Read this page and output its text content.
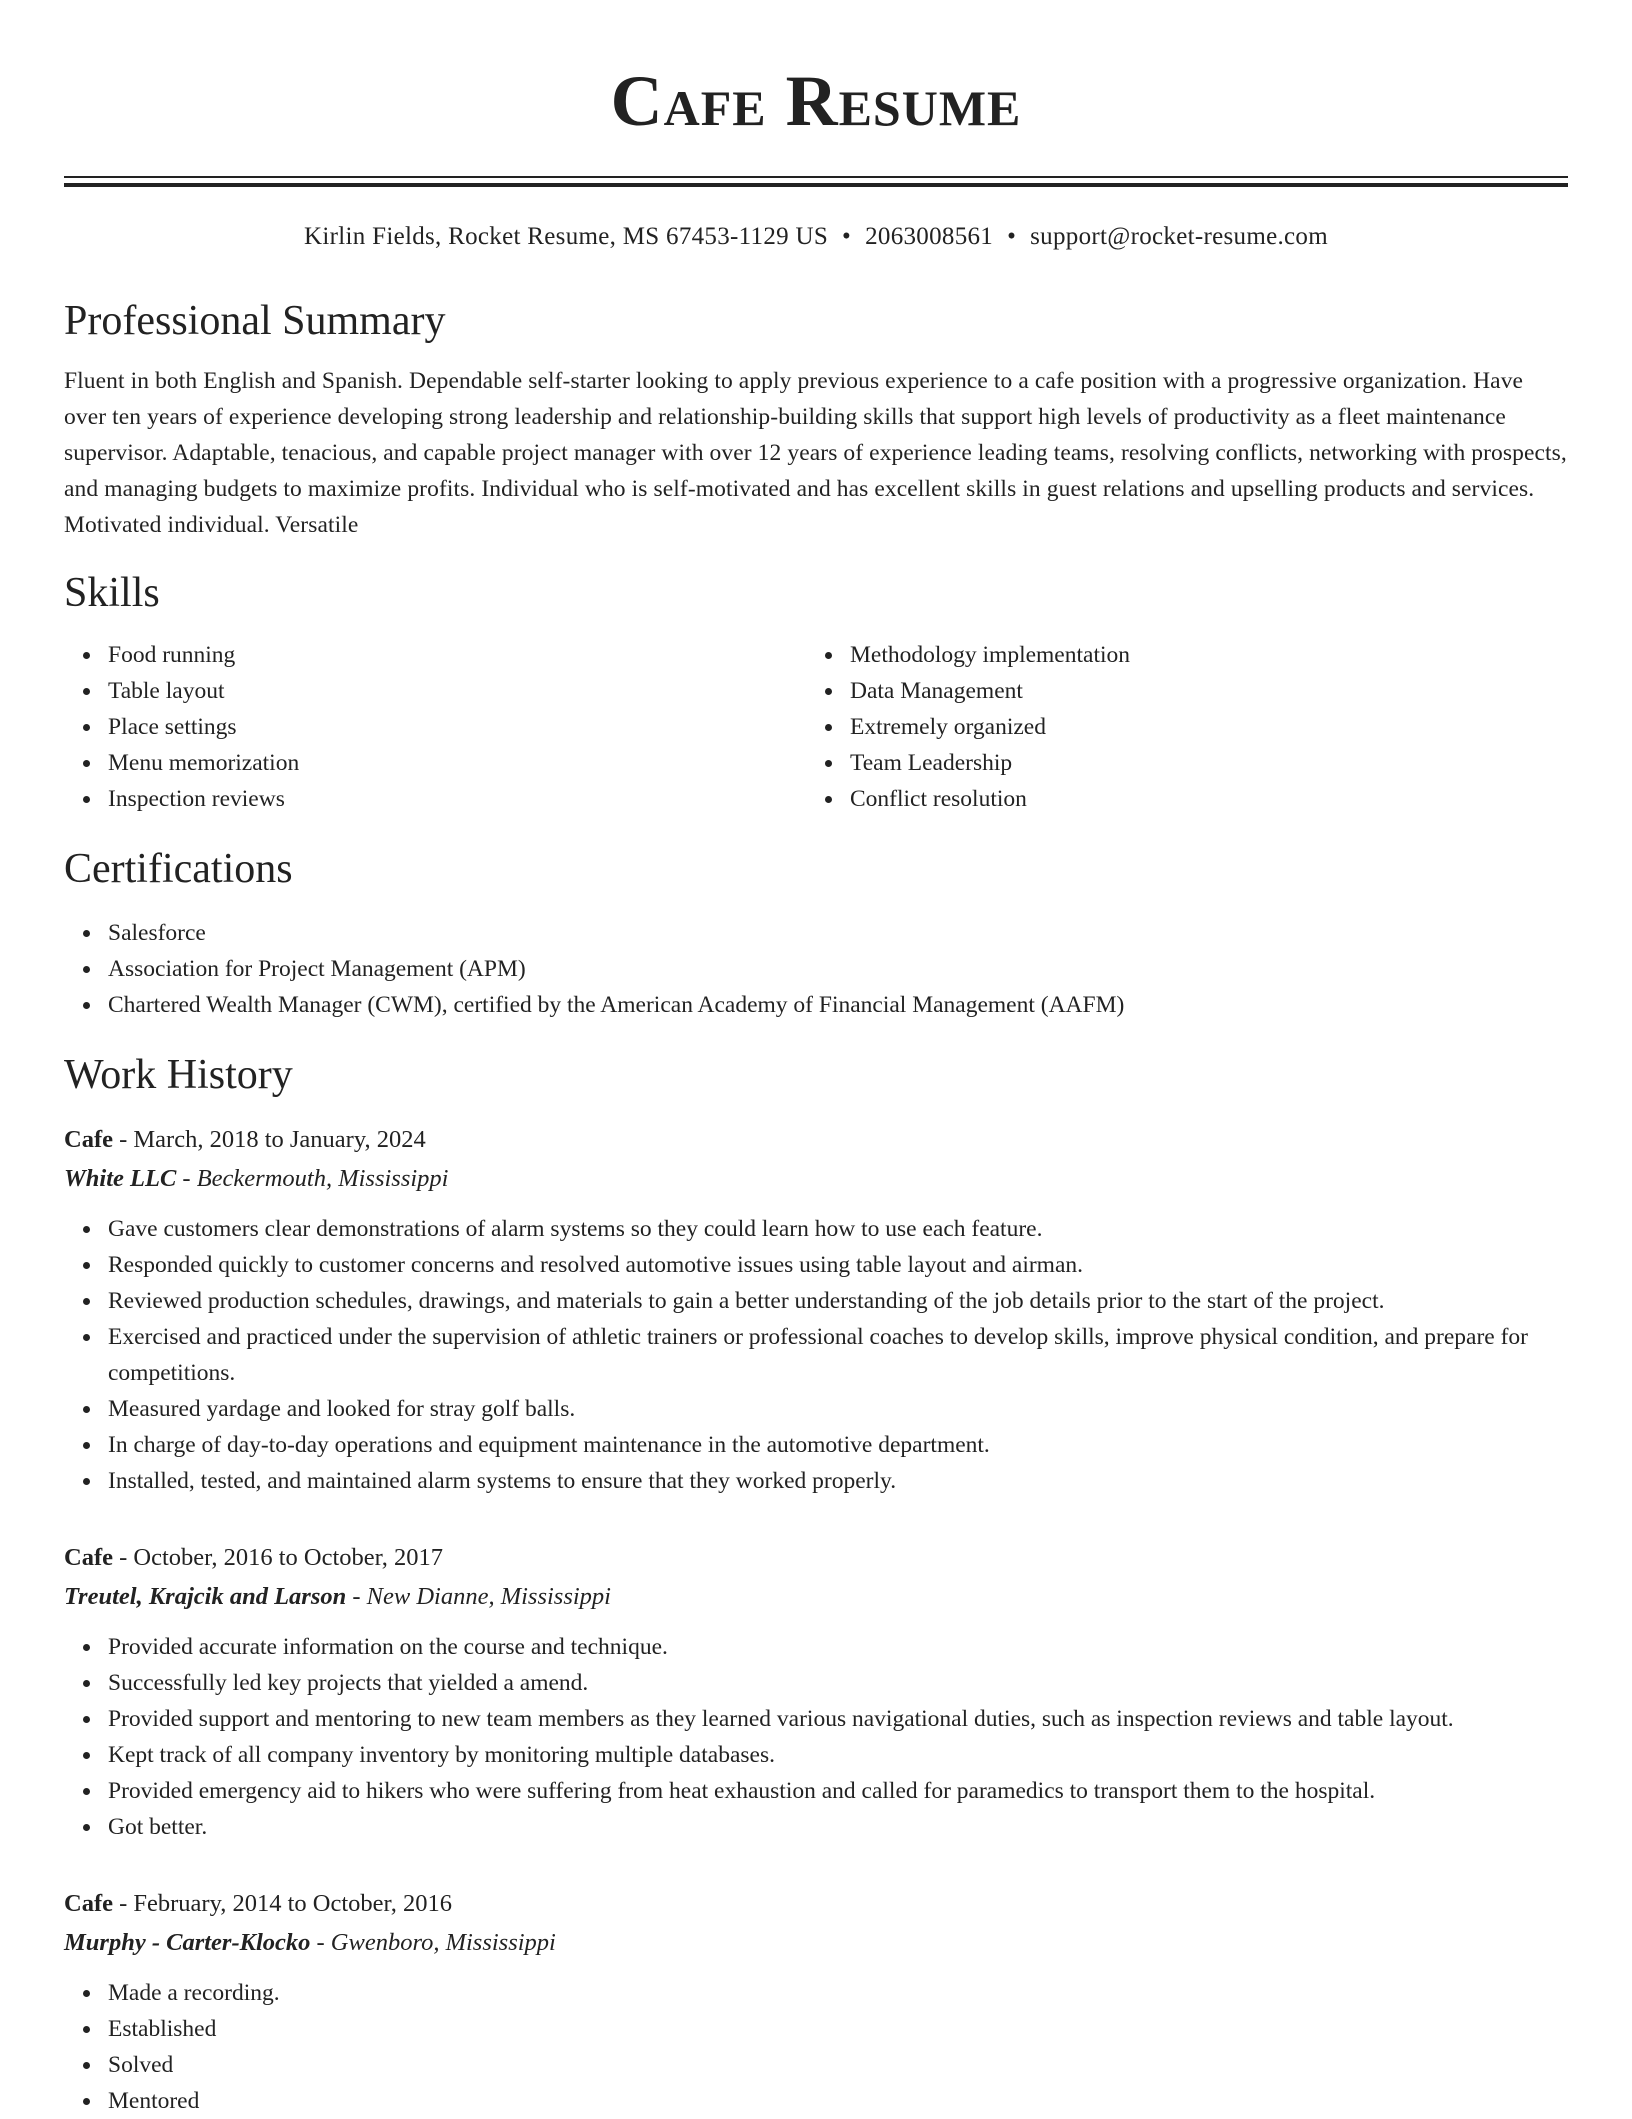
Cafe Resume
Kirlin Fields, Rocket Resume, MS 67453-1129 US • 2063008561 • support@rocket-resume.com
Professional Summary
Fluent in both English and Spanish. Dependable self-starter looking to apply previous experience to a cafe position with a progressive organization. Have over ten years of experience developing strong leadership and relationship-building skills that support high levels of productivity as a fleet maintenance supervisor. Adaptable, tenacious, and capable project manager with over 12 years of experience leading teams, resolving conflicts, networking with prospects, and managing budgets to maximize profits. Individual who is self-motivated and has excellent skills in guest relations and upselling products and services. Motivated individual. Versatile
Skills
Food running
Table layout
Place settings
Menu memorization
Inspection reviews
Methodology implementation
Data Management
Extremely organized
Team Leadership
Conflict resolution
Certifications
Salesforce
Association for Project Management (APM)
Chartered Wealth Manager (CWM), certified by the American Academy of Financial Management (AAFM)
Work History
Cafe - March, 2018 to January, 2024
White LLC - Beckermouth, Mississippi
Gave customers clear demonstrations of alarm systems so they could learn how to use each feature.
Responded quickly to customer concerns and resolved automotive issues using table layout and airman.
Reviewed production schedules, drawings, and materials to gain a better understanding of the job details prior to the start of the project.
Exercised and practiced under the supervision of athletic trainers or professional coaches to develop skills, improve physical condition, and prepare for competitions.
Measured yardage and looked for stray golf balls.
In charge of day-to-day operations and equipment maintenance in the automotive department.
Installed, tested, and maintained alarm systems to ensure that they worked properly.
Cafe - October, 2016 to October, 2017
Treutel, Krajcik and Larson - New Dianne, Mississippi
Provided accurate information on the course and technique.
Successfully led key projects that yielded a amend.
Provided support and mentoring to new team members as they learned various navigational duties, such as inspection reviews and table layout.
Kept track of all company inventory by monitoring multiple databases.
Provided emergency aid to hikers who were suffering from heat exhaustion and called for paramedics to transport them to the hospital.
Got better.
Cafe - February, 2014 to October, 2016
Murphy - Carter-Klocko - Gwenboro, Mississippi
Made a recording.
Established
Solved
Mentored
